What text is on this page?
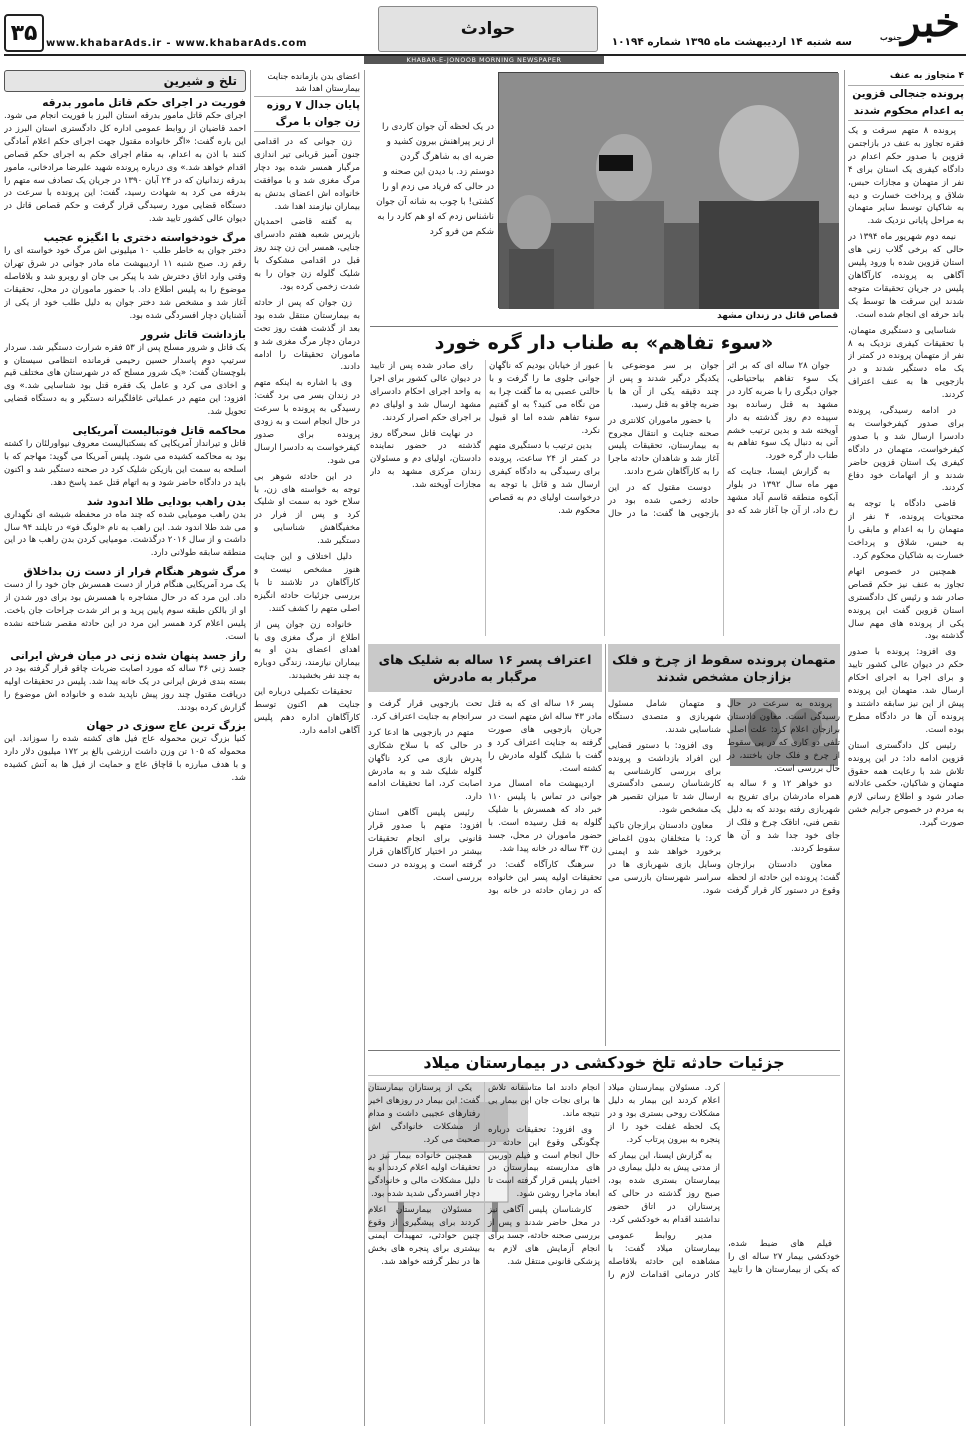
خبر
جنوب
سه شنبه ۱۴ اردیبهشت ماه ۱۳۹۵ شماره ۱۰۱۹۴
حوادث
www.khabarAds.ir - www.khabarAds.com
۳۵
KHABAR-E-JONOOB MORNING NEWSPAPER
۴ متجاوز به عنف
پرونده جنجالی قزوین به اعدام محکوم شدند

پرونده ۸ متهم سرقت و یک فقره تجاوز به عنف در بازاجتمن قزوین با صدور حکم اعدام در دادگاه کیفری یک استان برای ۴ نفر از متهمان و مجازات حبس، شلاق و پرداخت خسارت و دیه به شاکیان توسط سایر متهمان به مراحل پایانی نزدیک شد.

نیمه دوم شهریور ماه ۱۳۹۴ در حالی که برخی گلاب زنی های استان قزوین شده با ورود پلیس آگاهی به پرونده، کارآگاهان پلیس در جریان تحقیقات متوجه شدند این سرقت ها توسط یک باند حرفه ای انجام شده است.

شناسایی و دستگیری متهمان، با تحقیقات کیفری نزدیک به ۸ نفر از متهمان پرونده در کمتر از یک ماه دستگیر شدند و در بازجویی ها به عنف اعتراف کردند.

در ادامه رسیدگی، پرونده برای صدور کیفرخواست به دادسرا ارسال شد و با صدور کیفرخواست، متهمان در دادگاه کیفری یک استان قزوین حاضر شدند و از اتهامات خود دفاع کردند.

قاضی دادگاه با توجه به محتویات پرونده، ۴ نفر از متهمان را به اعدام و مابقی را به حبس، شلاق و پرداخت خسارت به شاکیان محکوم کرد.

همچنین در خصوص اتهام تجاوز به عنف نیز حکم قصاص صادر شد و رئیس کل دادگستری استان قزوین گفت این پرونده یکی از پرونده های مهم سال گذشته بود.

وی افزود: پرونده با صدور حکم در دیوان عالی کشور تایید و برای اجرا به اجرای احکام ارسال شد. متهمان این پرونده پیش از این نیز سابقه داشتند و پرونده آن ها در دادگاه مطرح بوده است.

رئیس کل دادگستری استان قزوین ادامه داد: در این پرونده تلاش شد با رعایت همه حقوق متهمان و شاکیان، حکمی عادلانه صادر شود و اطلاع رسانی لازم به مردم در خصوص جرایم خشن صورت گیرد.

در یک لحظه آن جوان کاردی را از زیر پیراهنش بیرون کشید و ضربه ای به شاهرگ گردن دوستم زد. با دیدن این صحنه و در حالی که فریاد می زدم او را کشتی! با چوب به شانه آن جوان ناشناس زدم که او هم کارد را به شکم من فرو کرد
قصاص قاتل در زندان مشهد
«سوء تفاهم» به طناب دار گره خورد

جوان ۲۸ ساله ای که بر اثر یک سوء تفاهم بیاحتیاطی، جوان دیگری را با ضربه کارد در مشهد به قتل رسانده بود سپیده دم روز گذشته به دار آویخته شد و بدین ترتیب خشم آنی به دنبال یک سوء تفاهم به طناب دار گره خورد.

به گزارش ایسنا، جنایت که مهر ماه سال ۱۳۹۲ در بلوار آبکوه منطقه قاسم آباد مشهد رخ داد، از آن جا آغاز شد که دو جوان بر سر موضوعی با یکدیگر درگیر شدند و پس از چند دقیقه یکی از آن ها با ضربه چاقو به قتل رسید.

با حضور ماموران کلانتری در صحنه جنایت و انتقال مجروح به بیمارستان، تحقیقات پلیس آغاز شد و شاهدان حادثه ماجرا را به کارآگاهان شرح دادند.

دوست مقتول که در این حادثه زخمی شده بود در بازجویی ها گفت: ما در حال عبور از خیابان بودیم که ناگهان جوانی جلوی ما را گرفت و با حالتی عصبی به ما گفت چرا به من نگاه می کنید؟ به او گفتیم سوء تفاهم شده اما او قبول نکرد.

بدین ترتیب با دستگیری متهم در کمتر از ۲۴ ساعت، پرونده برای رسیدگی به دادگاه کیفری ارسال شد و قاتل با توجه به درخواست اولیای دم به قصاص محکوم شد.

رای صادر شده پس از تایید در دیوان عالی کشور برای اجرا به واحد اجرای احکام دادسرای مشهد ارسال شد و اولیای دم بر اجرای حکم اصرار کردند.

در نهایت قاتل سحرگاه روز گذشته در حضور نماینده دادستان، اولیای دم و مسئولان زندان مرکزی مشهد به دار مجازات آویخته شد.

متهمان پرونده سقوط از چرخ و فلک بزازجان مشخص شدند

پرونده به سرعت در حال رسیدگی است. معاون دادستان برازجان اعلام کرد: علت اصلی تلفی دو کاری که در پی سقوط از چرخ و فلک جان باختند، در حال بررسی است.

دو خواهر ۱۲ و ۶ ساله به همراه مادرشان برای تفریح به شهربازی رفته بودند که به دلیل نقص فنی، اتاقک چرخ و فلک از جای خود جدا شد و آن ها سقوط کردند.

معاون دادستان برازجان گفت: پرونده این حادثه از لحظه وقوع در دستور کار قرار گرفت و متهمان شامل مسئول شهربازی و متصدی دستگاه شناسایی شدند.

وی افزود: با دستور قضایی این افراد بازداشت و پرونده برای بررسی کارشناسی به کارشناسان رسمی دادگستری ارسال شد تا میزان تقصیر هر یک مشخص شود.

معاون دادستان برازجان تاکید کرد: با متخلفان بدون اغماض برخورد خواهد شد و ایمنی وسایل بازی شهربازی ها در سراسر شهرستان بازرسی می شود.

اعتراف پسر ۱۶ ساله به شلیک های مرگبار به مادرش

پسر ۱۶ ساله ای که به قتل مادر ۴۳ ساله اش متهم است در جریان بازجویی های صورت گرفته به جنایت اعتراف کرد و گفت با شلیک گلوله مادرش را کشته است.

اردیبهشت ماه امسال مرد جوانی در تماس با پلیس ۱۱۰ خبر داد که همسرش با شلیک گلوله به قتل رسیده است. با حضور ماموران در محل، جسد زن ۴۳ ساله در خانه پیدا شد.

سرهنگ کارآگاه گفت: در تحقیقات اولیه پسر این خانواده که در زمان حادثه در خانه بود تحت بازجویی قرار گرفت و سرانجام به جنایت اعتراف کرد.

متهم در بازجویی ها ادعا کرد در حالی که با سلاح شکاری پدرش بازی می کرد ناگهان گلوله شلیک شد و به مادرش اصابت کرد، اما تحقیقات ادامه دارد.

رئیس پلیس آگاهی استان افزود: متهم با صدور قرار قانونی برای انجام تحقیقات بیشتر در اختیار کارآگاهان قرار گرفته است و پرونده در دست بررسی است.

جزئیات حادثه تلخ خودکشی در بیمارستان میلاد

فیلم های ضبط شده، خودکشی بیمار ۲۷ ساله ای را که یکی از بیمارستان ها را تایید کرد. مسئولان بیمارستان میلاد اعلام کردند این بیمار به دلیل مشکلات روحی بستری بود و در یک لحظه غفلت خود را از پنجره به بیرون پرتاب کرد.

به گزارش ایسنا، این بیمار که از مدتی پیش به دلیل بیماری در بیمارستان بستری شده بود، صبح روز گذشته در حالی که پرستاران در اتاق حضور نداشتند اقدام به خودکشی کرد.

مدیر روابط عمومی بیمارستان میلاد گفت: با مشاهده این حادثه بلافاصله کادر درمانی اقدامات لازم را انجام دادند اما متاسفانه تلاش ها برای نجات جان این بیمار بی نتیجه ماند.

وی افزود: تحقیقات درباره چگونگی وقوع این حادثه در حال انجام است و فیلم دوربین های مداربسته بیمارستان در اختیار پلیس قرار گرفته است تا ابعاد ماجرا روشن شود.

کارشناسان پلیس آگاهی نیز در محل حاضر شدند و پس از بررسی صحنه حادثه، جسد برای انجام آزمایش های لازم به پزشکی قانونی منتقل شد.

یکی از پرستاران بیمارستان گفت: این بیمار در روزهای اخیر رفتارهای عجیبی داشت و مدام از مشکلات خانوادگی اش صحبت می کرد.

همچنین خانواده بیمار نیز در تحقیقات اولیه اعلام کردند او به دلیل مشکلات مالی و خانوادگی دچار افسردگی شدید شده بود.

مسئولان بیمارستان اعلام کردند برای پیشگیری از وقوع چنین حوادثی، تمهیدات ایمنی بیشتری برای پنجره های بخش ها در نظر گرفته خواهد شد.

اعضای بدن بازمانده جنایت بیمارستان اهدا شد
پایان جدال ۷ روزه زن جوان با مرگ

زن جوانی که در اقدامی جنون آمیز قربانی تیر اندازی مرگبار همسر شده بود دچار مرگ مغزی شد و با موافقت خانواده اش اعضای بدنش به بیماران نیازمند اهدا شد.

به گفته قاضی احمدیان بازپرس شعبه هفتم دادسرای جنایی، همسر این زن چند روز قبل در اقدامی مشکوک با شلیک گلوله زن جوان را به شدت زخمی کرده بود.

زن جوان که پس از حادثه به بیمارستان منتقل شده بود بعد از گذشت هفت روز تحت درمان دچار مرگ مغزی شد و ماموران تحقیقات را ادامه دادند.

وی با اشاره به اینکه متهم در زندان بسر می برد گفت: رسیدگی به پرونده با سرعت در حال انجام است و به زودی پرونده برای صدور کیفرخواست به دادسرا ارسال می شود.

در این حادثه شوهر بی توجه به خواسته های زن، با سلاح خود به سمت او شلیک کرد و پس از فرار در مخفیگاهش شناسایی و دستگیر شد.

دلیل اختلاف و این جنایت هنوز مشخص نیست و کارآگاهان در تلاشند تا با بررسی جزئیات حادثه انگیزه اصلی متهم را کشف کنند.

خانواده زن جوان پس از اطلاع از مرگ مغزی وی با اهدای اعضای بدن او به بیماران نیازمند، زندگی دوباره به چند نفر بخشیدند.

تحقیقات تکمیلی درباره این جنایت هم اکنون توسط کارآگاهان اداره دهم پلیس آگاهی ادامه دارد.

تلخ و شیرین
فوریت در اجرای حکم قاتل مامور بدرقه
اجرای حکم قاتل مامور بدرقه استان البرز با فوریت انجام می شود. احمد قاضیان از روابط عمومی اداره کل دادگستری استان البرز در این باره گفت: «اگر خانواده مقتول جهت اجرای حکم اعلام آمادگی کنند با اذن به اعدام، به مقام اجرای حکم به اجرای حکم قصاص اقدام خواهد شد.» وی درباره پرونده شهید علیرضا مرادخانی، مامور بدرقه زندانیان که در ۲۴ آبان ۱۳۹۰ در جریان یک تصادف سه متهم را بدرقه می کرد به شهادت رسید، گفت: این پرونده با سرعت در دستگاه قضایی مورد رسیدگی قرار گرفت و حکم قصاص قاتل در دیوان عالی کشور تایید شد.
مرگ خودخواسته دختری با انگیزه عجیب
دختر جوان به خاطر طلب ۱۰ میلیونی اش مرگ خود خواسته ای را رقم زد. صبح شنبه ۱۱ اردیبهشت ماه مادر جوانی در شرق تهران وقتی وارد اتاق دخترش شد با پیکر بی جان او روبرو شد و بلافاصله موضوع را به پلیس اطلاع داد. با حضور ماموران در محل، تحقیقات آغاز شد و مشخص شد دختر جوان به دلیل طلب خود از یکی از آشنایان دچار افسردگی شده بود.
بازداشت قاتل شرور
یک قاتل و شرور مسلح پس از ۵۳ فقره شرارت دستگیر شد. سردار سرتیپ دوم پاسدار حسین رحیمی فرمانده انتظامی سیستان و بلوچستان گفت: «یک شرور مسلح که در شهرستان های مختلف قیم و اخاذی می کرد و عامل یک فقره قتل بود شناسایی شد.» وی افزود: این متهم در عملیاتی غافلگیرانه دستگیر و به دستگاه قضایی تحویل شد.
محاکمه قاتل فوتبالیست آمریکایی
قاتل و تیرانداز آمریکایی که بسکتبالیست معروف نیواورلئان را کشته بود به محاکمه کشیده می شود. پلیس آمریکا می گوید: مهاجم که با اسلحه به سمت این بازیکن شلیک کرد در صحنه دستگیر شد و اکنون باید در دادگاه حاضر شود و به اتهام قتل عمد پاسخ دهد.
بدن راهب بودایی طلا اندود شد
بدن راهب مومیایی شده که چند ماه در محفظه شیشه ای نگهداری می شد طلا اندود شد. این راهب به نام «لونگ فو» در تایلند ۹۴ سال داشت و از سال ۲۰۱۶ درگذشت. مومیایی کردن بدن راهب ها در این منطقه سابقه طولانی دارد.
مرگ شوهر هنگام فرار از دست زن بداخلاق
یک مرد آمریکایی هنگام فرار از دست همسرش جان خود را از دست داد. این مرد که در حال مشاجره با همسرش بود برای دور شدن از او از بالکن طبقه سوم پایین پرید و بر اثر شدت جراحات جان باخت. پلیس اعلام کرد همسر این مرد در این حادثه مقصر شناخته نشده است.
راز جسد پنهان شده زنی در میان فرش ایرانی
جسد زنی ۳۶ ساله که مورد اصابت ضربات چاقو قرار گرفته بود در بسته بندی فرش ایرانی در یک خانه پیدا شد. پلیس در تحقیقات اولیه دریافت مقتول چند روز پیش ناپدید شده و خانواده اش موضوع را گزارش کرده بودند.
بزرگ ترین عاج سوزی در جهان
کنیا بزرگ ترین محموله عاج فیل های کشته شده را سوزاند. این محموله که ۱۰۵ تن وزن داشت ارزشی بالغ بر ۱۷۲ میلیون دلار دارد و با هدف مبارزه با قاچاق عاج و حمایت از فیل ها به آتش کشیده شد.
